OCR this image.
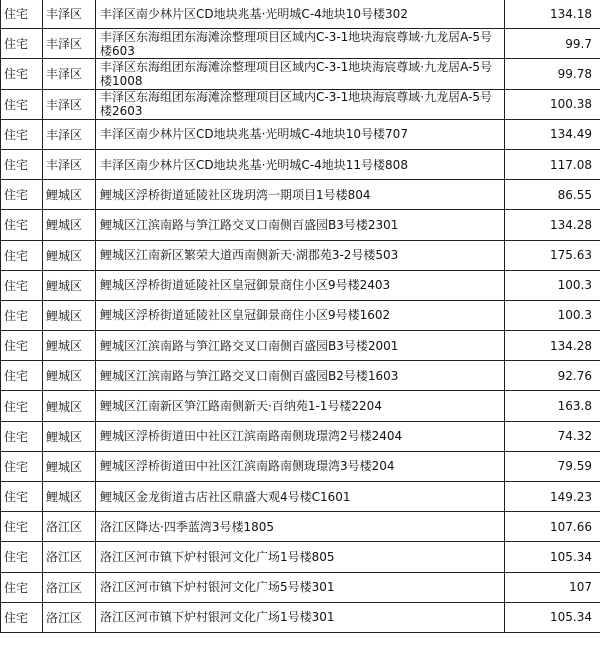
住宅	丰泽区	丰泽区南少林片区CD地块兆基·光明城C-4地块10号楼302	134.18
住宅	丰泽区	丰泽区东海组团东海滩涂整理项目区域内C-3-1地块海宸尊域·九龙居A-5号楼603	99.7
住宅	丰泽区	丰泽区东海组团东海滩涂整理项目区域内C-3-1地块海宸尊域·九龙居A-5号楼1008	99.78
住宅	丰泽区	丰泽区东海组团东海滩涂整理项目区域内C-3-1地块海宸尊域·九龙居A-5号楼2603	100.38
住宅	丰泽区	丰泽区南少林片区CD地块兆基·光明城C-4地块10号楼707	134.49
住宅	丰泽区	丰泽区南少林片区CD地块兆基·光明城C-4地块11号楼808	117.08
住宅	鲤城区	鲤城区浮桥街道延陵社区珑玥湾一期项目1号楼804	86.55
住宅	鲤城区	鲤城区江滨南路与笋江路交叉口南侧百盛园B3号楼2301	134.28
住宅	鲤城区	鲤城区江南新区繁荣大道西南侧新天·湖郡苑3-2号楼503	175.63
住宅	鲤城区	鲤城区浮桥街道延陵社区皇冠御景商住小区9号楼2403	100.3
住宅	鲤城区	鲤城区浮桥街道延陵社区皇冠御景商住小区9号楼1602	100.3
住宅	鲤城区	鲤城区江滨南路与笋江路交叉口南侧百盛园B3号楼2001	134.28
住宅	鲤城区	鲤城区江滨南路与笋江路交叉口南侧百盛园B2号楼1603	92.76
住宅	鲤城区	鲤城区江南新区笋江路南侧新天·百纳苑1-1号楼2204	163.8
住宅	鲤城区	鲤城区浮桥街道田中社区江滨南路南侧珑璟湾2号楼2404	74.32
住宅	鲤城区	鲤城区浮桥街道田中社区江滨南路南侧珑璟湾3号楼204	79.59
住宅	鲤城区	鲤城区金龙街道古店社区鼎盛大观4号楼C1601	149.23
住宅	洛江区	洛江区降达·四季蓝湾3号楼1805	107.66
住宅	洛江区	洛江区河市镇下炉村银河文化广场1号楼805	105.34
住宅	洛江区	洛江区河市镇下炉村银河文化广场5号楼301	107
住宅	洛江区	洛江区河市镇下炉村银河文化广场1号楼301	105.34
